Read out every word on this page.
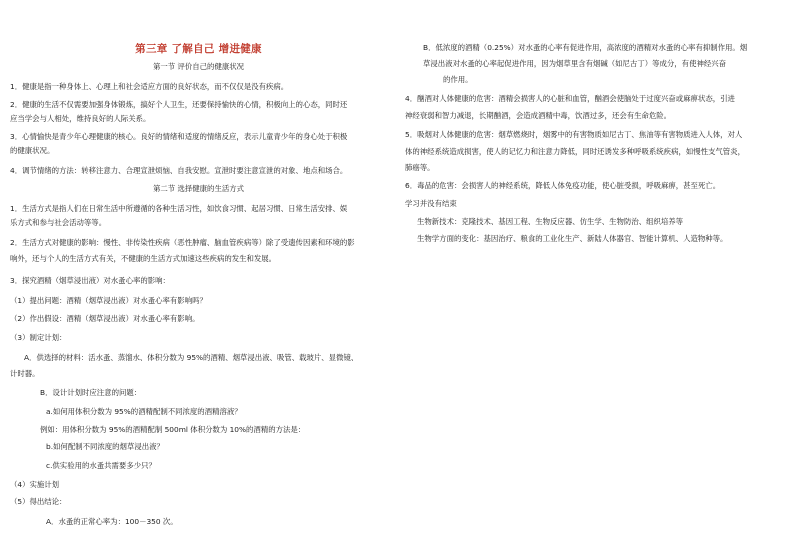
第三章 了解自己 增进健康
第一节 评价自己的健康状况
1．健康是指一种身体上、心理上和社会适应方面的良好状态，而不仅仅是没有疾病。
2．健康的生活不仅需要加强身体锻炼，搞好个人卫生，还要保持愉快的心情，积极向上的心态，同时还
应当学会与人相处，维持良好的人际关系。
3．心情愉快是青少年心理健康的核心。良好的情绪和适度的情绪反应，表示儿童青少年的身心处于积极
的健康状况。
4．调节情绪的方法：转移注意力、合理宣泄烦恼、自我安慰。宣泄时要注意宣泄的对象、地点和场合。
第二节 选择健康的生活方式
1．生活方式是指人们在日常生活中所遵循的各种生活习性，如饮食习惯、起居习惯、日常生活安排、娱
乐方式和参与社会活动等等。
2．生活方式对健康的影响：慢性、非传染性疾病（恶性肿瘤、脑血管疾病等）除了受遗传因素和环境的影
响外，还与个人的生活方式有关，不健康的生活方式加速这些疾病的发生和发展。
3．探究酒精（烟草浸出液）对水蚤心率的影响：
（1）提出问题：酒精（烟草浸出液）对水蚤心率有影响吗？
（2）作出假设：酒精（烟草浸出液）对水蚤心率有影响。
（3）制定计划：
A．供选择的材料：活水蚤、蒸馏水、体积分数为 95%的酒精、烟草浸出液、吸管、载玻片、显微镜、
计时器。
B．设计计划时应注意的问题：
a.如何用体积分数为 95%的酒精配制不同浓度的酒精溶液？
例如：用体积分数为 95%的酒精配制 500ml 体积分数为 10%的酒精的方法是：
b.如何配制不同浓度的烟草浸出液？
c.供实验用的水蚤共需要多少只？
（4）实施计划
（5）得出结论：
A．水蚤的正常心率为：100－350 次。
B．低浓度的酒精（0.25%）对水蚤的心率有促进作用，高浓度的酒精对水蚤的心率有抑制作用。烟
草浸出液对水蚤的心率起促进作用，因为烟草里含有烟碱（如尼古丁）等成分，有使神经兴奋
的作用。
4．酗酒对人体健康的危害：酒精会损害人的心脏和血管，酗酒会使脑处于过度兴奋或麻痹状态，引进
神经衰弱和智力减退，长期酗酒，会造成酒精中毒，饮酒过多，还会有生命危险。
5．吸烟对人体健康的危害：烟草燃烧时，烟雾中的有害物质如尼古丁、焦油等有害物质进入人体，对人
体的神经系统造成损害，使人的记忆力和注意力降低，同时还诱发多种呼吸系统疾病，如慢性支气管炎，
肺癌等。
6．毒品的危害：会损害人的神经系统，降低人体免疫功能，使心脏受损，呼吸麻痹，甚至死亡。
学习并没有结束
生物新技术：克隆技术、基因工程、生物反应器、仿生学、生物防治、组织培养等
生物学方面的变化：基因治疗、粮食的工业化生产、新陆人体器官、智能计算机、人造物种等。
